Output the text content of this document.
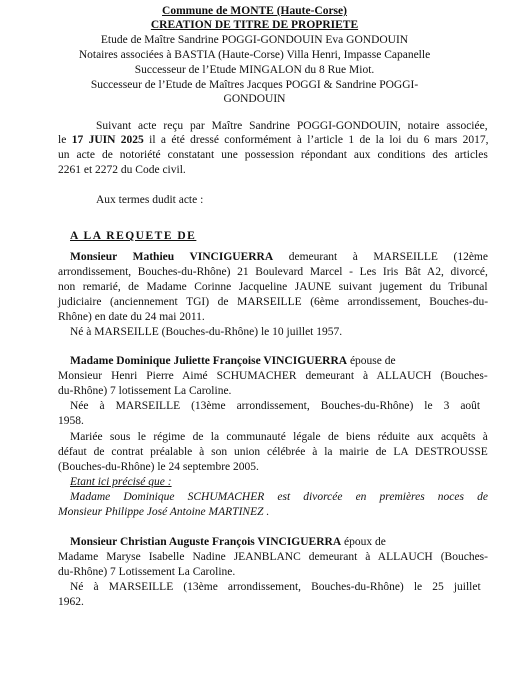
Commune de MONTE (Haute-Corse)
CREATION DE TITRE DE PROPRIETE
Etude de Maître Sandrine POGGI-GONDOUIN Eva GONDOUIN
Notaires associées à BASTIA (Haute-Corse) Villa Henri, Impasse Capanelle
Successeur de l’Etude MINGALON du 8 Rue Miot.
Successeur de l’Etude de Maîtres Jacques POGGI & Sandrine POGGI-
GONDOUIN
Suivant acte reçu par Maître Sandrine POGGI-GONDOUIN, notaire associée,
le 17 JUIN 2025 il a été dressé conformément à l’article 1 de la loi du 6 mars 2017,
un acte de notoriété constatant une possession répondant aux conditions des articles
2261 et 2272 du Code civil.
Aux termes dudit acte :
A LA REQUETE DE
Monsieur Mathieu VINCIGUERRA demeurant à MARSEILLE (12ème
arrondissement, Bouches-du-Rhône) 21 Boulevard Marcel - Les Iris Bât A2, divorcé,
non remarié, de Madame Corinne Jacqueline JAUNE suivant jugement du Tribunal
judiciaire (anciennement TGI) de MARSEILLE (6ème arrondissement, Bouches-du-
Rhône) en date du 24 mai 2011.
Né à MARSEILLE (Bouches-du-Rhône) le 10 juillet 1957.
Madame Dominique Juliette Françoise VINCIGUERRA épouse de
Monsieur Henri Pierre Aimé SCHUMACHER demeurant à ALLAUCH (Bouches-
du-Rhône) 7 lotissement La Caroline.
Née à MARSEILLE (13ème arrondissement, Bouches-du-Rhône) le 3 août
1958.
Mariée sous le régime de la communauté légale de biens réduite aux acquêts à
défaut de contrat préalable à son union célébrée à la mairie de LA DESTROUSSE
(Bouches-du-Rhône) le 24 septembre 2005.
Etant ici précisé que :
Madame Dominique SCHUMACHER est divorcée en premières noces de
Monsieur Philippe José Antoine MARTINEZ .
Monsieur Christian Auguste François VINCIGUERRA époux de
Madame Maryse Isabelle Nadine JEANBLANC demeurant à ALLAUCH (Bouches-
du-Rhône) 7 Lotissement La Caroline.
Né à MARSEILLE (13ème arrondissement, Bouches-du-Rhône) le 25 juillet
1962.
